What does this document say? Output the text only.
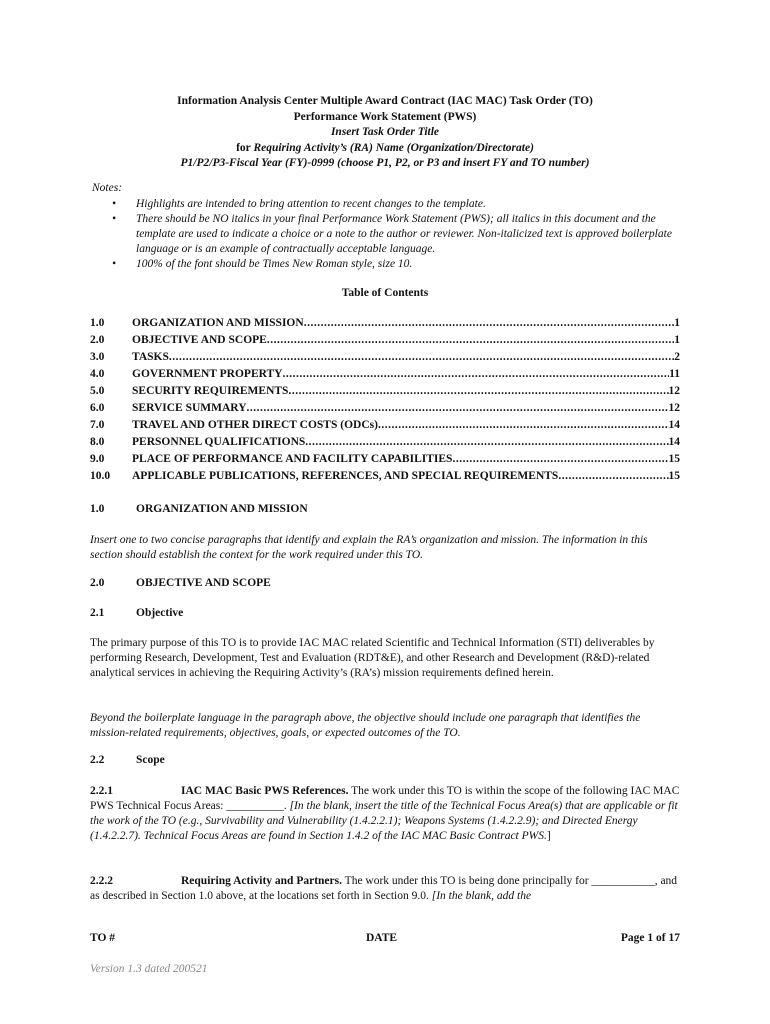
Information Analysis Center Multiple Award Contract (IAC MAC) Task Order (TO)
Performance Work Statement (PWS)
Insert Task Order Title
for Requiring Activity’s (RA) Name (Organization/Directorate)
P1/P2/P3-Fiscal Year (FY)-0999 (choose P1, P2, or P3 and insert FY and TO number)
Notes:
• Highlights are intended to bring attention to recent changes to the template.
• There should be NO italics in your final Performance Work Statement (PWS); all italics in this document and the template are used to indicate a choice or a note to the author or reviewer. Non-italicized text is approved boilerplate language or is an example of contractually acceptable language.
• 100% of the font should be Times New Roman style, size 10.
Table of Contents
1.0	ORGANIZATION AND MISSION .....	1
2.0	OBJECTIVE AND SCOPE .....	1
3.0	TASKS .....	2
4.0	GOVERNMENT PROPERTY .....	11
5.0	SECURITY REQUIREMENTS .....	12
6.0	SERVICE SUMMARY .....	12
7.0	TRAVEL AND OTHER DIRECT COSTS (ODCs) .....	14
8.0	PERSONNEL QUALIFICATIONS .....	14
9.0	PLACE OF PERFORMANCE AND FACILITY CAPABILITIES .....	15
10.0	APPLICABLE PUBLICATIONS, REFERENCES, AND SPECIAL REQUIREMENTS .....	15
1.0	ORGANIZATION AND MISSION
Insert one to two concise paragraphs that identify and explain the RA’s organization and mission. The information in this section should establish the context for the work required under this TO.
2.0	OBJECTIVE AND SCOPE
2.1	Objective
The primary purpose of this TO is to provide IAC MAC related Scientific and Technical Information (STI) deliverables by performing Research, Development, Test and Evaluation (RDT&E), and other Research and Development (R&D)-related analytical services in achieving the Requiring Activity’s (RA’s) mission requirements defined herein.
Beyond the boilerplate language in the paragraph above, the objective should include one paragraph that identifies the mission-related requirements, objectives, goals, or expected outcomes of the TO.
2.2	Scope
2.2.1	IAC MAC Basic PWS References. The work under this TO is within the scope of the following IAC MAC PWS Technical Focus Areas: __________. [In the blank, insert the title of the Technical Focus Area(s) that are applicable or fit the work of the TO (e.g., Survivability and Vulnerability (1.4.2.2.1); Weapons Systems (1.4.2.2.9); and Directed Energy (1.4.2.2.7). Technical Focus Areas are found in Section 1.4.2 of the IAC MAC Basic Contract PWS.]
2.2.2	Requiring Activity and Partners. The work under this TO is being done principally for ___________, and as described in Section 1.0 above, at the locations set forth in Section 9.0. [In the blank, add the
TO #	DATE	Page 1 of 17
Version 1.3 dated 200521
